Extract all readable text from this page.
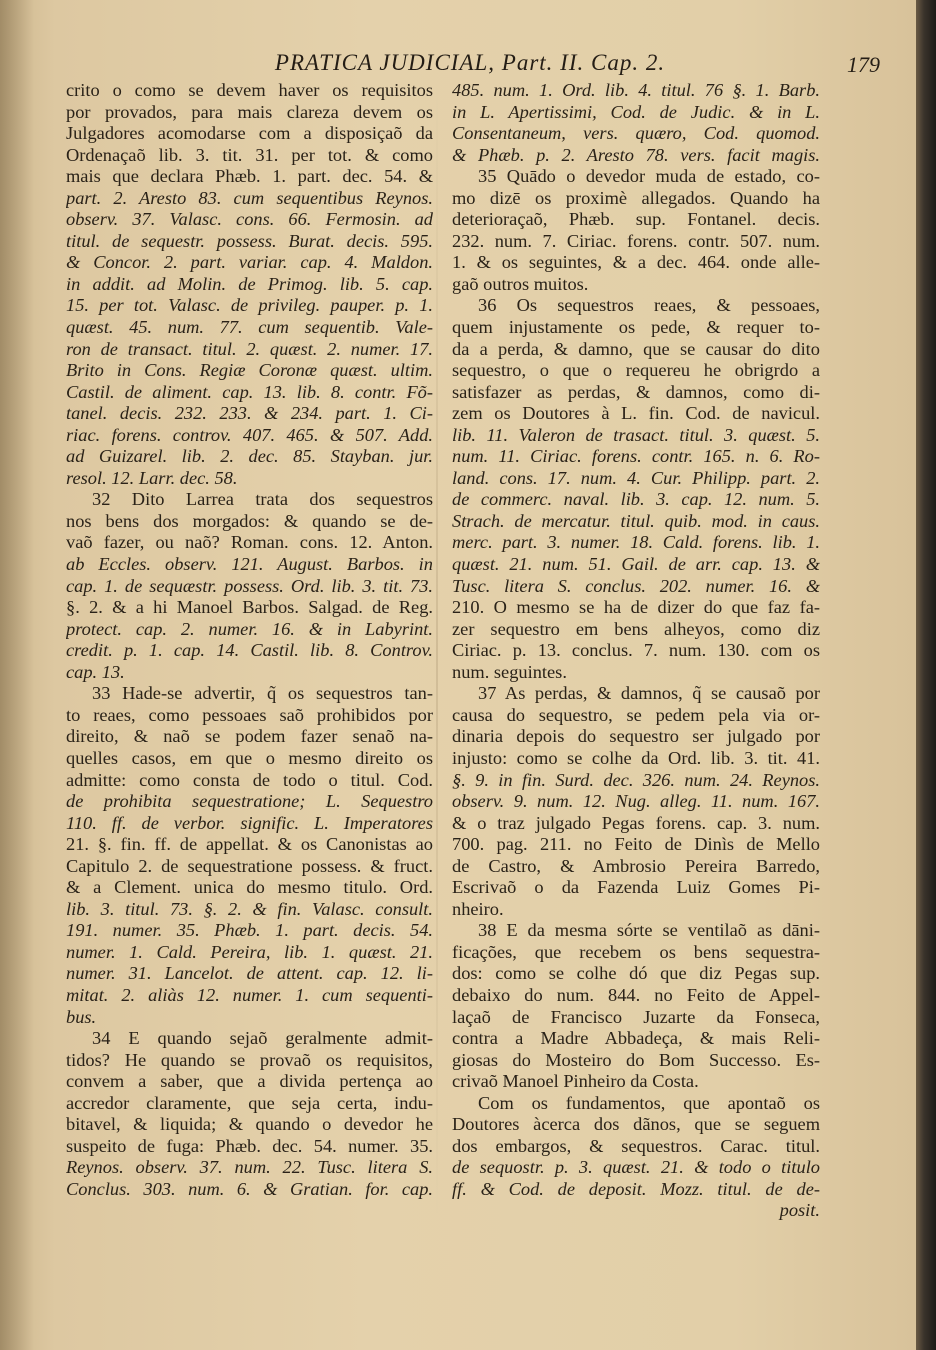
PRATICA JUDICIAL, Part. II. Cap. 2.	179
crito o como se devem haver os requisitos
por provados, para mais clareza devem os
Julgadores acomodarse com a disposiçaõ da
Ordenaçaõ lib. 3. tit. 31. per tot. & como
mais que declara Phæb. 1. part. dec. 54. &
part. 2. Aresto 83. cum sequentibus Reynos.
observ. 37. Valasc. cons. 66. Fermosin. ad
titul. de sequestr. possess. Burat. decis. 595.
& Concor. 2. part. variar. cap. 4. Maldon.
in addit. ad Molin. de Primog. lib. 5. cap.
15. per tot. Valasc. de privileg. pauper. p. 1.
quæst. 45. num. 77. cum sequentib. Vale-
ron de transact. titul. 2. quæst. 2. numer. 17.
Brito in Cons. Regiæ Coronæ quæst. ultim.
Castil. de aliment. cap. 13. lib. 8. contr. Fõ-
tanel. decis. 232. 233. & 234. part. 1. Ci-
riac. forens. controv. 407. 465. & 507. Add.
ad Guizarel. lib. 2. dec. 85. Stayban. jur.
resol. 12. Larr. dec. 58.
32 Dito Larrea trata dos sequestros
nos bens dos morgados: & quando se de-
vaõ fazer, ou naõ? Roman. cons. 12. Anton.
ab Eccles. observ. 121. August. Barbos. in
cap. 1. de sequæstr. possess. Ord. lib. 3. tit. 73.
§. 2. & a hi Manoel Barbos. Salgad. de Reg.
protect. cap. 2. numer. 16. & in Labyrint.
credit. p. 1. cap. 14. Castil. lib. 8. Controv.
cap. 13.
33 Hade-se advertir, q̃ os sequestros tan-
to reaes, como pessoaes saõ prohibidos por
direito, & naõ se podem fazer senaõ na-
quelles casos, em que o mesmo direito os
admitte: como consta de todo o titul. Cod.
de prohibita sequestratione; L. Sequestro
110. ff. de verbor. signific. L. Imperatores
21. §. fin. ff. de appellat. & os Canonistas ao
Capitulo 2. de sequestratione possess. & fruct.
& a Clement. unica do mesmo titulo. Ord.
lib. 3. titul. 73. §. 2. & fin. Valasc. consult.
191. numer. 35. Phæb. 1. part. decis. 54.
numer. 1. Cald. Pereira, lib. 1. quæst. 21.
numer. 31. Lancelot. de attent. cap. 12. li-
mitat. 2. aliàs 12. numer. 1. cum sequenti-
bus.
34 E quando sejaõ geralmente admit-
tidos? He quando se provaõ os requisitos,
convem a saber, que a divida pertença ao
accredor claramente, que seja certa, indu-
bitavel, & liquida; & quando o devedor he
suspeito de fuga: Phæb. dec. 54. numer. 35.
Reynos. observ. 37. num. 22. Tusc. litera S.
Conclus. 303. num. 6. & Gratian. for. cap.
485. num. 1. Ord. lib. 4. titul. 76 §. 1. Barb.
in L. Apertissimi, Cod. de Judic. & in L.
Consentaneum, vers. quæro, Cod. quomod.
& Phæb. p. 2. Aresto 78. vers. facit magis.
35 Quādo o devedor muda de estado, co-
mo dizē os proximè allegados. Quando ha
deterioraçaõ, Phæb. sup. Fontanel. decis.
232. num. 7. Ciriac. forens. contr. 507. num.
1. & os seguintes, & a dec. 464. onde alle-
gaõ outros muitos.
36 Os sequestros reaes, & pessoaes,
quem injustamente os pede, & requer to-
da a perda, & damno, que se causar do dito
sequestro, o que o requereu he obrigrdo a
satisfazer as perdas, & damnos, como di-
zem os Doutores à L. fin. Cod. de navicul.
lib. 11. Valeron de trasact. titul. 3. quæst. 5.
num. 11. Ciriac. forens. contr. 165. n. 6. Ro-
land. cons. 17. num. 4. Cur. Philipp. part. 2.
de commerc. naval. lib. 3. cap. 12. num. 5.
Strach. de mercatur. titul. quib. mod. in caus.
merc. part. 3. numer. 18. Cald. forens. lib. 1.
quæst. 21. num. 51. Gail. de arr. cap. 13. &
Tusc. litera S. conclus. 202. numer. 16. &
210. O mesmo se ha de dizer do que faz fa-
zer sequestro em bens alheyos, como diz
Ciriac. p. 13. conclus. 7. num. 130. com os
num. seguintes.
37 As perdas, & damnos, q̃ se causaõ por
causa do sequestro, se pedem pela via or-
dinaria depois do sequestro ser julgado por
injusto: como se colhe da Ord. lib. 3. tit. 41.
§. 9. in fin. Surd. dec. 326. num. 24. Reynos.
observ. 9. num. 12. Nug. alleg. 11. num. 167.
& o traz julgado Pegas forens. cap. 3. num.
700. pag. 211. no Feito de Dinìs de Mello
de Castro, & Ambrosio Pereira Barredo,
Escrivaõ o da Fazenda Luiz Gomes Pi-
nheiro.
38 E da mesma sórte se ventilaõ as dāni-
ficações, que recebem os bens sequestra-
dos: como se colhe dó que diz Pegas sup.
debaixo do num. 844. no Feito de Appel-
laçaõ de Francisco Juzarte da Fonseca,
contra a Madre Abbadeça, & mais Reli-
giosas do Mosteiro do Bom Successo. Es-
crivaõ Manoel Pinheiro da Costa.
Com os fundamentos, que apontaõ os
Doutores àcerca dos dãnos, que se seguem
dos embargos, & sequestros. Carac. titul.
de sequostr. p. 3. quæst. 21. & todo o titulo
ff. & Cod. de deposit. Mozz. titul. de de-
posit.
